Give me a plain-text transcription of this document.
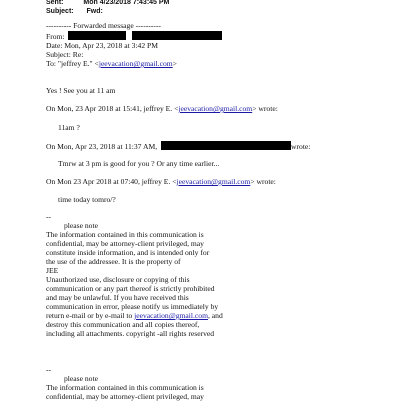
Sent:	Mon 4/23/2018 7:43:45 PM
Subject: Fwd:
---------- Forwarded message ----------
From:
Date: Mon, Apr 23, 2018 at 3:42 PM
Subject: Re:
To: "jeffrey E." <jeevacation@gmail.com>
Yes ! See you at 11 am
On Mon, 23 Apr 2018 at 15:41, jeffrey E. <jeevacation@gmail.com> wrote:
11am ?
On Mon, Apr 23, 2018 at 11:37 AM,	wrote:
Tmrw at 3 pm is good for you ? Or any time earlier...
On Mon 23 Apr 2018 at 07:40, jeffrey E. <jeevacation@gmail.com> wrote:
time today tomro/?
--
please note
The information contained in this communication is
confidential, may be attorney-client privileged, may
constitute inside information, and is intended only for
the use of the addressee. It is the property of
JEE
Unauthorized use, disclosure or copying of this
communication or any part thereof is strictly prohibited
and may be unlawful. If you have received this
communication in error, please notify us immediately by
return e-mail or by e-mail to jeevacation@gmail.com, and
destroy this communication and all copies thereof,
including all attachments. copyright -all rights reserved
--
please note
The information contained in this communication is
confidential, may be attorney-client privileged, may
